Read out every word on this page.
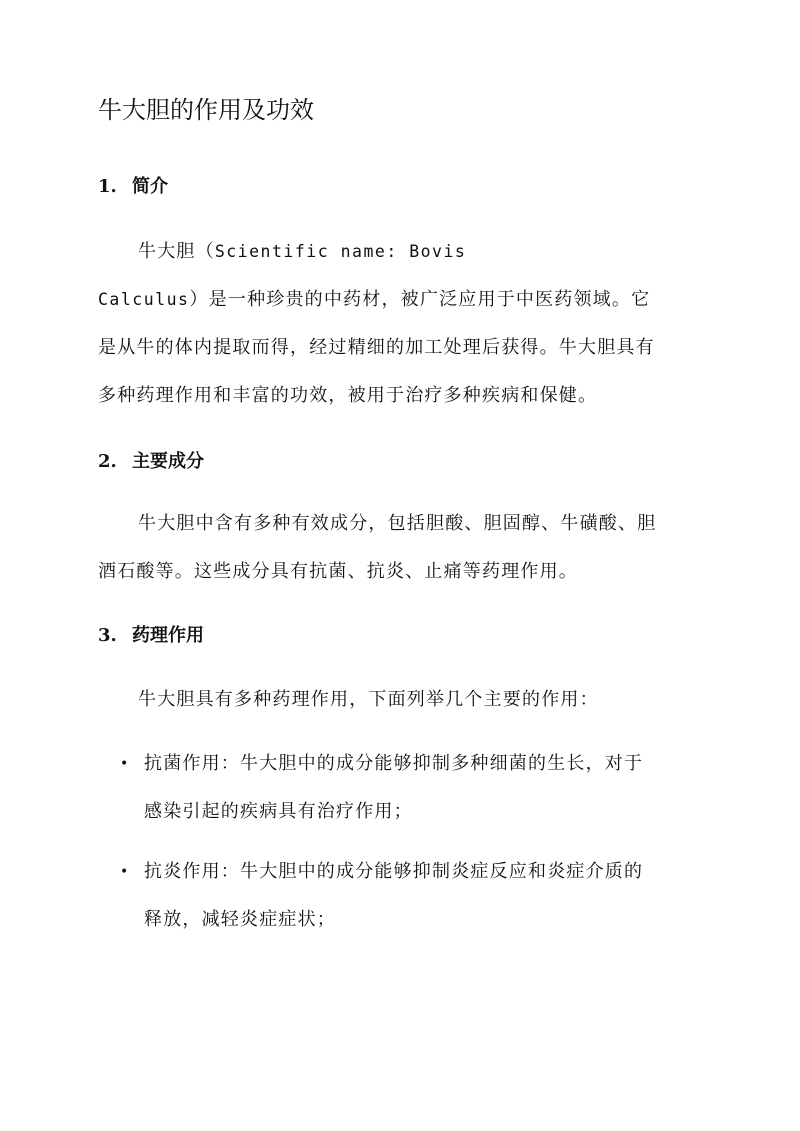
牛大胆的作用及功效
1. 简介
牛大胆（Scientific name: Bovis
Calculus）是一种珍贵的中药材，被广泛应用于中医药领域。它
是从牛的体内提取而得，经过精细的加工处理后获得。牛大胆具有
多种药理作用和丰富的功效，被用于治疗多种疾病和保健。
2. 主要成分
牛大胆中含有多种有效成分，包括胆酸、胆固醇、牛磺酸、胆
酒石酸等。这些成分具有抗菌、抗炎、止痛等药理作用。
3. 药理作用
牛大胆具有多种药理作用，下面列举几个主要的作用：
• 抗菌作用：牛大胆中的成分能够抑制多种细菌的生长，对于
感染引起的疾病具有治疗作用；
• 抗炎作用：牛大胆中的成分能够抑制炎症反应和炎症介质的
释放，减轻炎症症状；
